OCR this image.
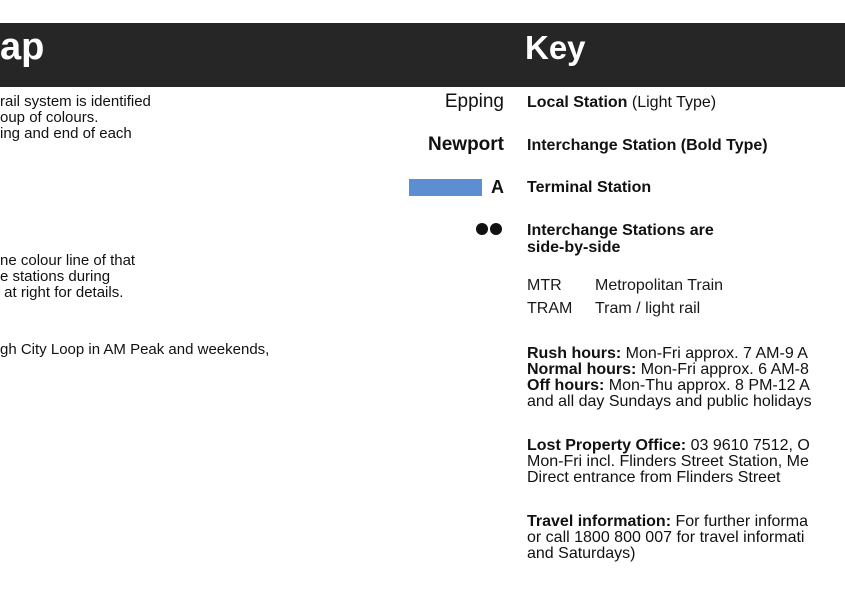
ap	Key
rail system is identified
oup of colours.
ing and end of each
ne colour line of that
e stations during
at right for details.
gh City Loop in AM Peak and weekends,
Epping Local Station (Light Type)
Newport Interchange Station (Bold Type)
A Terminal Station
Interchange Stations are
side-by-side
MTR Metropolitan Train
TRAM Tram / light rail
Rush hours: Mon-Fri approx. 7 AM-9 A
Normal hours: Mon-Fri approx. 6 AM-8
Off hours: Mon-Thu approx. 8 PM-12 A
and all day Sundays and public holidays
Lost Property Office: 03 9610 7512, O
Mon-Fri incl. Flinders Street Station, Me
Direct entrance from Flinders Street
Travel information: For further informa
or call 1800 800 007 for travel informati
and Saturdays)
